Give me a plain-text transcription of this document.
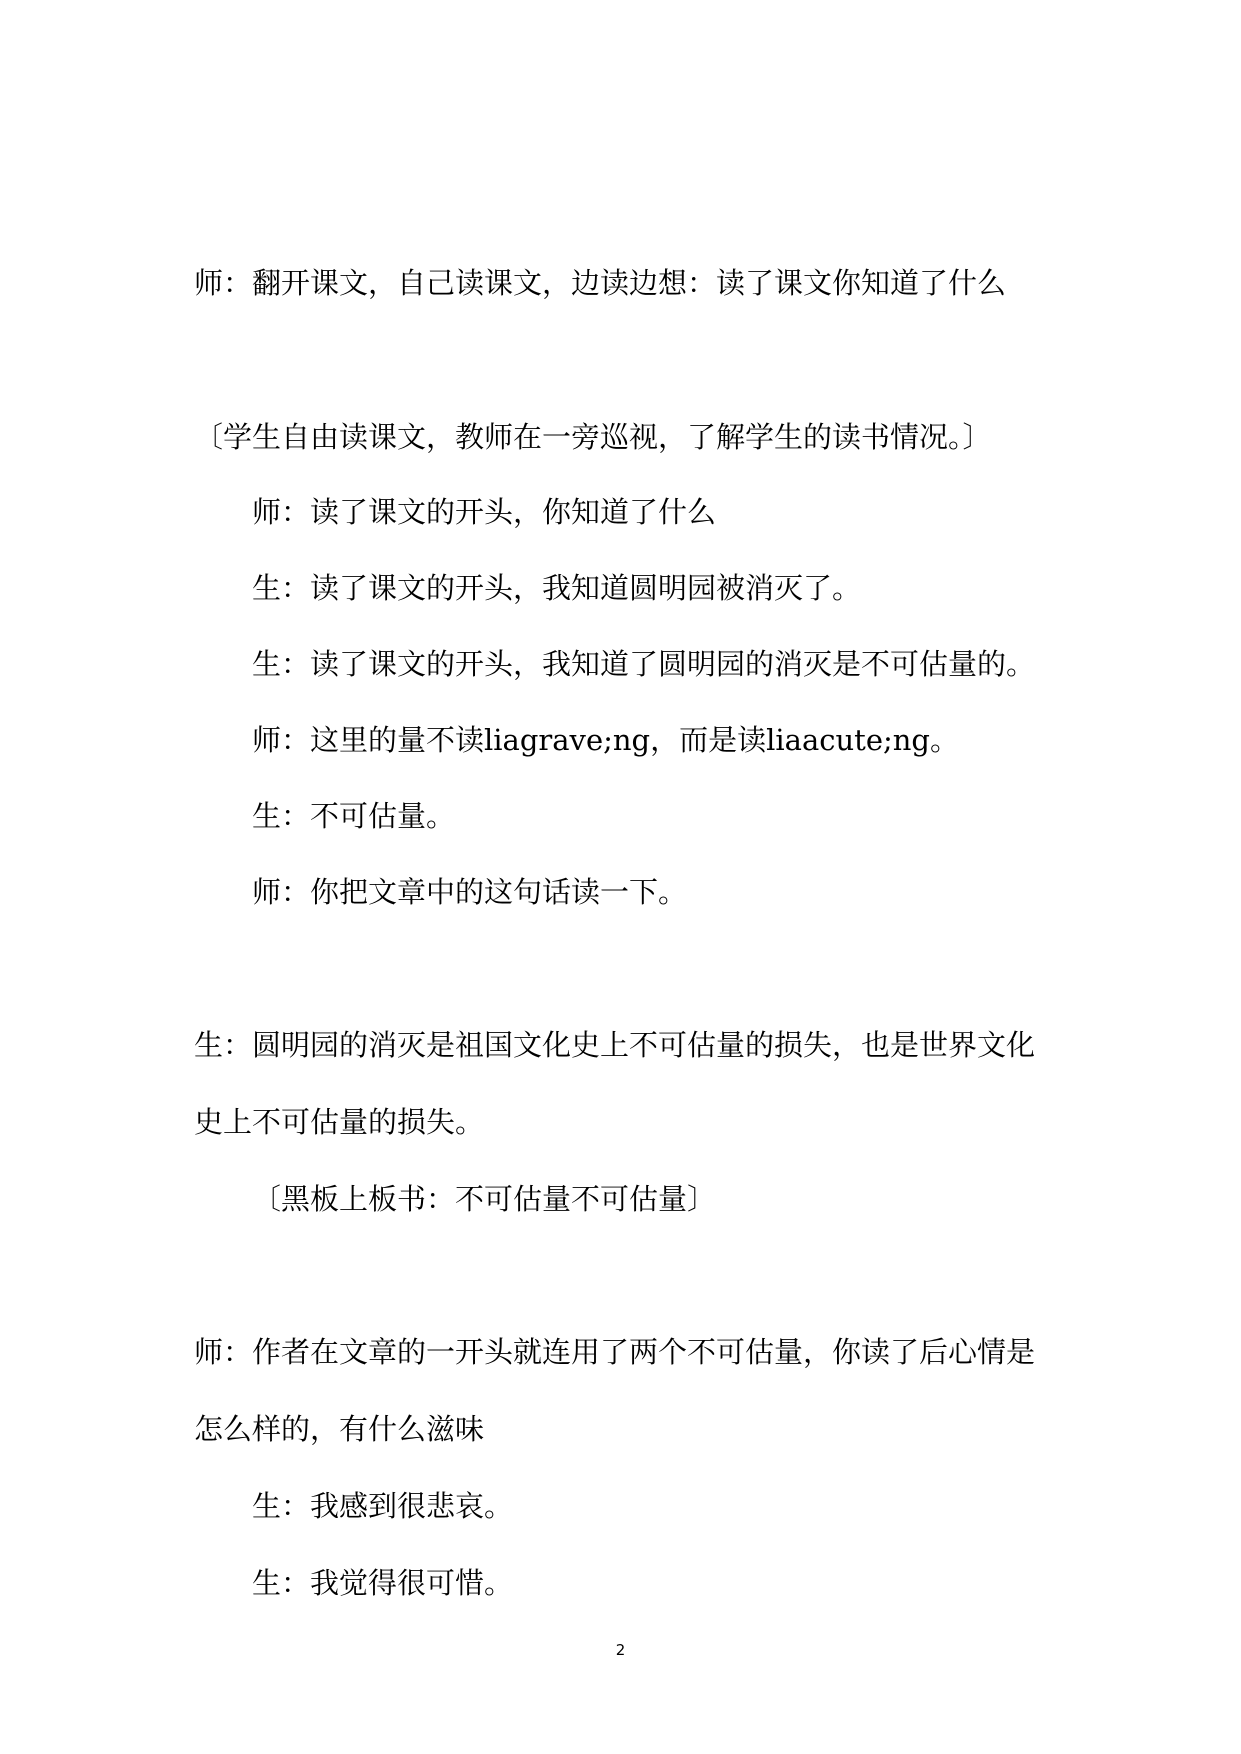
师：翻开课文，自己读课文，边读边想：读了课文你知道了什么

〔学生自由读课文，教师在一旁巡视，了解学生的读书情况。〕

师：读了课文的开头，你知道了什么

生：读了课文的开头，我知道圆明园被消灭了。

生：读了课文的开头，我知道了圆明园的消灭是不可估量的。

师：这里的量不读liagrave;ng，而是读liaacute;ng。

生：不可估量。

师：你把文章中的这句话读一下。

生：圆明园的消灭是祖国文化史上不可估量的损失，也是世界文化

史上不可估量的损失。

〔黑板上板书：不可估量不可估量〕

师：作者在文章的一开头就连用了两个不可估量，你读了后心情是

怎么样的，有什么滋味

生：我感到很悲哀。

生：我觉得很可惜。

2
